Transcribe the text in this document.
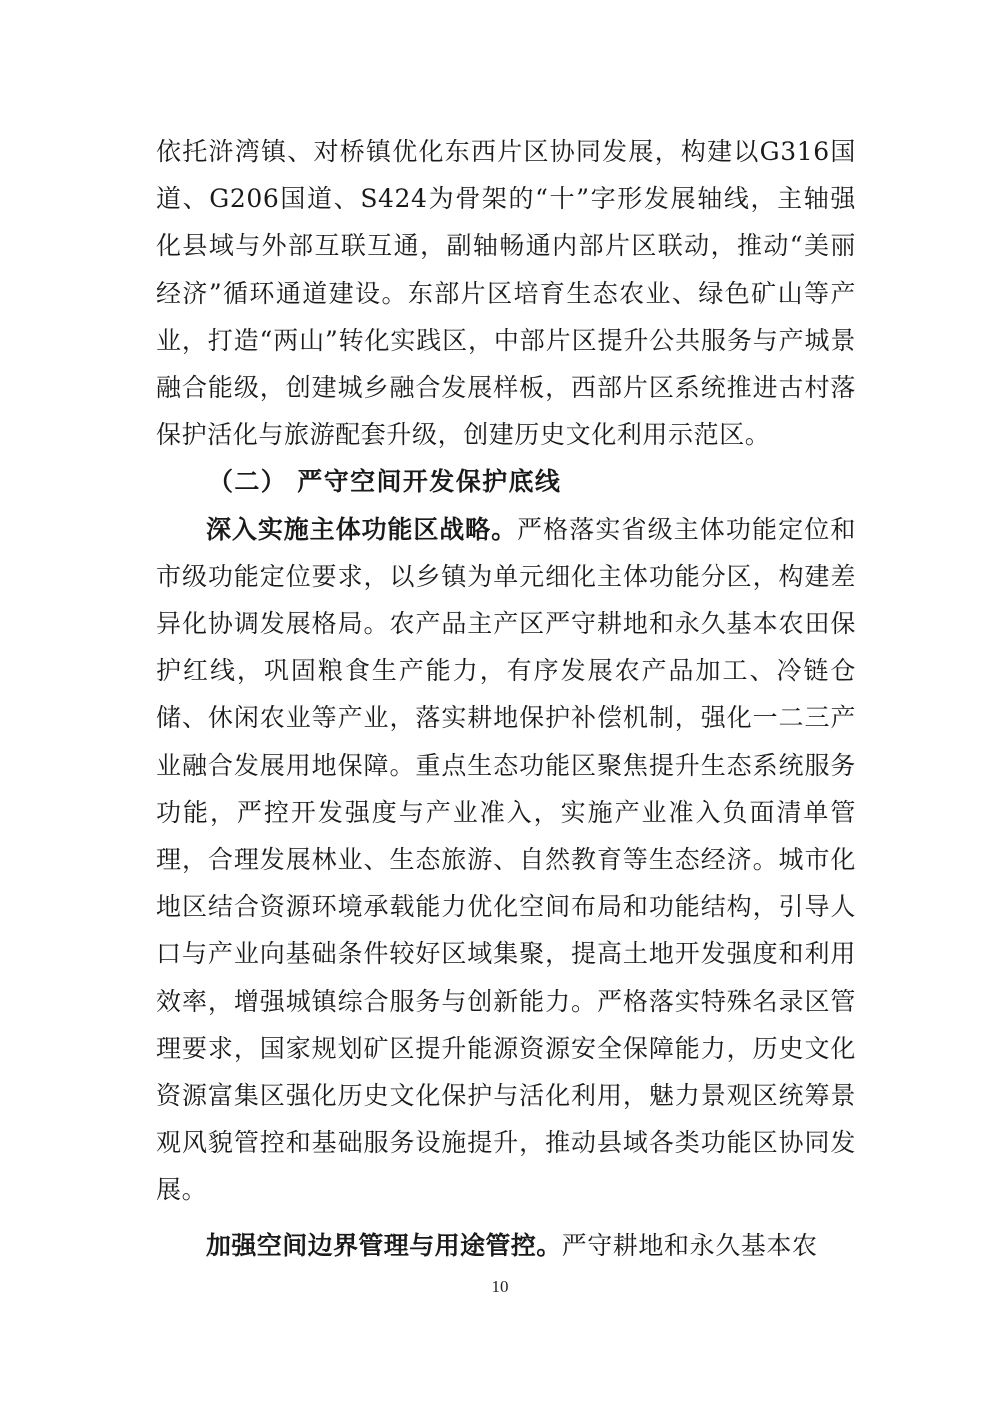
依托浒湾镇、对桥镇优化东西片区协同发展，构建以G316国道、G206国道、S424为骨架的“十”字形发展轴线，主轴强化县域与外部互联互通，副轴畅通内部片区联动，推动“美丽经济”循环通道建设。东部片区培育生态农业、绿色矿山等产业，打造“两山”转化实践区，中部片区提升公共服务与产城景融合能级，创建城乡融合发展样板，西部片区系统推进古村落保护活化与旅游配套升级，创建历史文化利用示范区。

（二） 严守空间开发保护底线

深入实施主体功能区战略。严格落实省级主体功能定位和市级功能定位要求，以乡镇为单元细化主体功能分区，构建差异化协调发展格局。农产品主产区严守耕地和永久基本农田保护红线，巩固粮食生产能力，有序发展农产品加工、冷链仓储、休闲农业等产业，落实耕地保护补偿机制，强化一二三产业融合发展用地保障。重点生态功能区聚焦提升生态系统服务功能，严控开发强度与产业准入，实施产业准入负面清单管理，合理发展林业、生态旅游、自然教育等生态经济。城市化地区结合资源环境承载能力优化空间布局和功能结构，引导人口与产业向基础条件较好区域集聚，提高土地开发强度和利用效率，增强城镇综合服务与创新能力。严格落实特殊名录区管理要求，国家规划矿区提升能源资源安全保障能力，历史文化资源富集区强化历史文化保护与活化利用，魅力景观区统筹景观风貌管控和基础服务设施提升，推动县域各类功能区协同发展。

加强空间边界管理与用途管控。严守耕地和永久基本农

10
